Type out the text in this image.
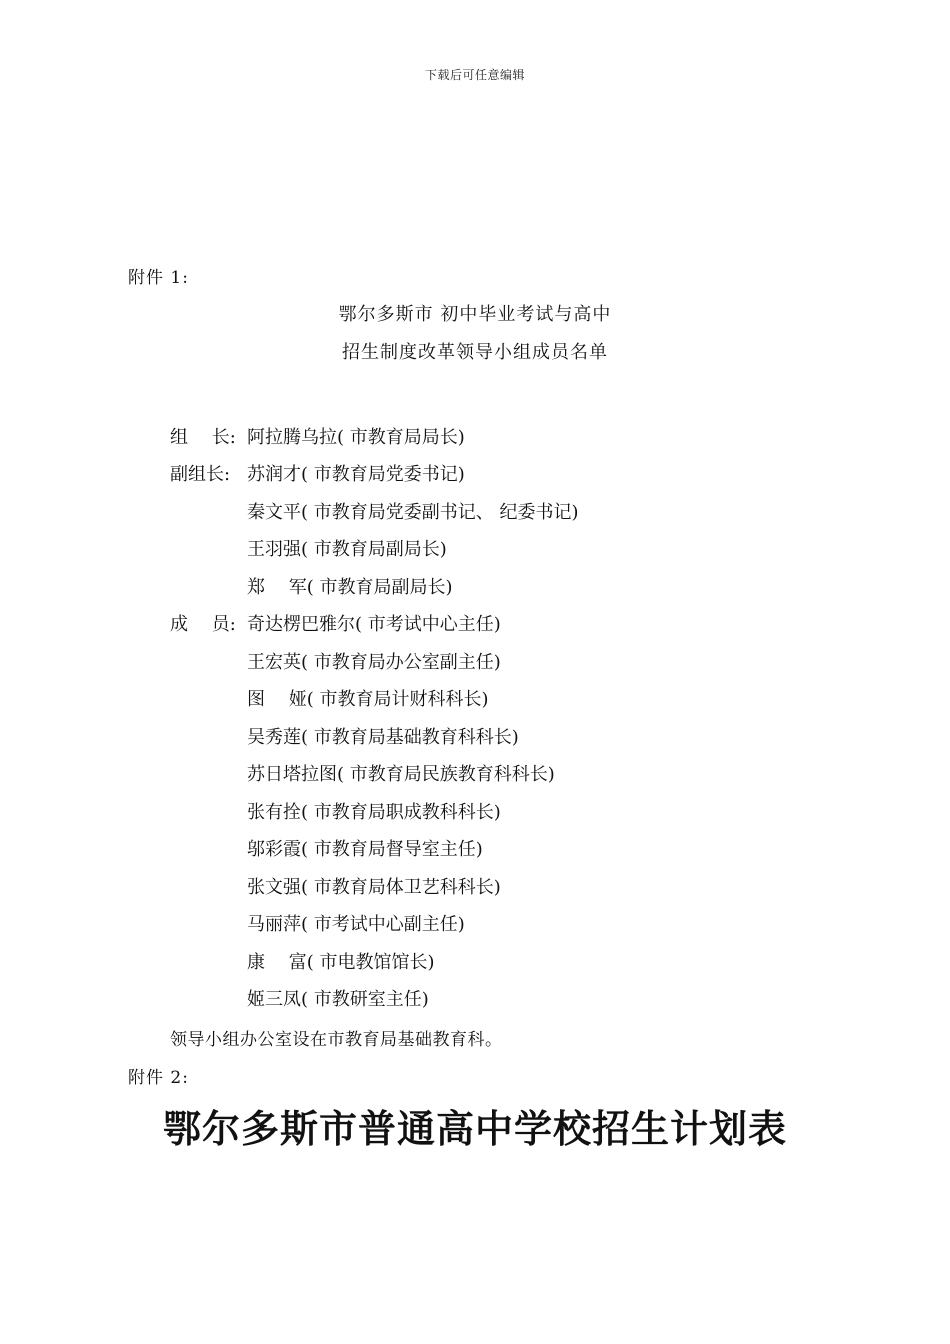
下载后可任意编辑
附件 1:
鄂尔多斯市 初中毕业考试与高中
招生制度改革领导小组成员名单
组　 长: 阿拉腾乌拉( 市教育局局长)
副组长: 苏润才( 市教育局党委书记)
秦文平( 市教育局党委副书记、 纪委书记)
王羽强( 市教育局副局长)
郑　 军( 市教育局副局长)
成　 员: 奇达楞巴雅尔( 市考试中心主任)
王宏英( 市教育局办公室副主任)
图　 娅( 市教育局计财科科长)
吴秀莲( 市教育局基础教育科科长)
苏日塔拉图( 市教育局民族教育科科长)
张有拴( 市教育局职成教科科长)
邬彩霞( 市教育局督导室主任)
张文强( 市教育局体卫艺科科长)
马丽萍( 市考试中心副主任)
康　 富( 市电教馆馆长)
姬三凤( 市教研室主任)
领导小组办公室设在市教育局基础教育科。
附件 2:
鄂尔多斯市普通高中学校招生计划表
